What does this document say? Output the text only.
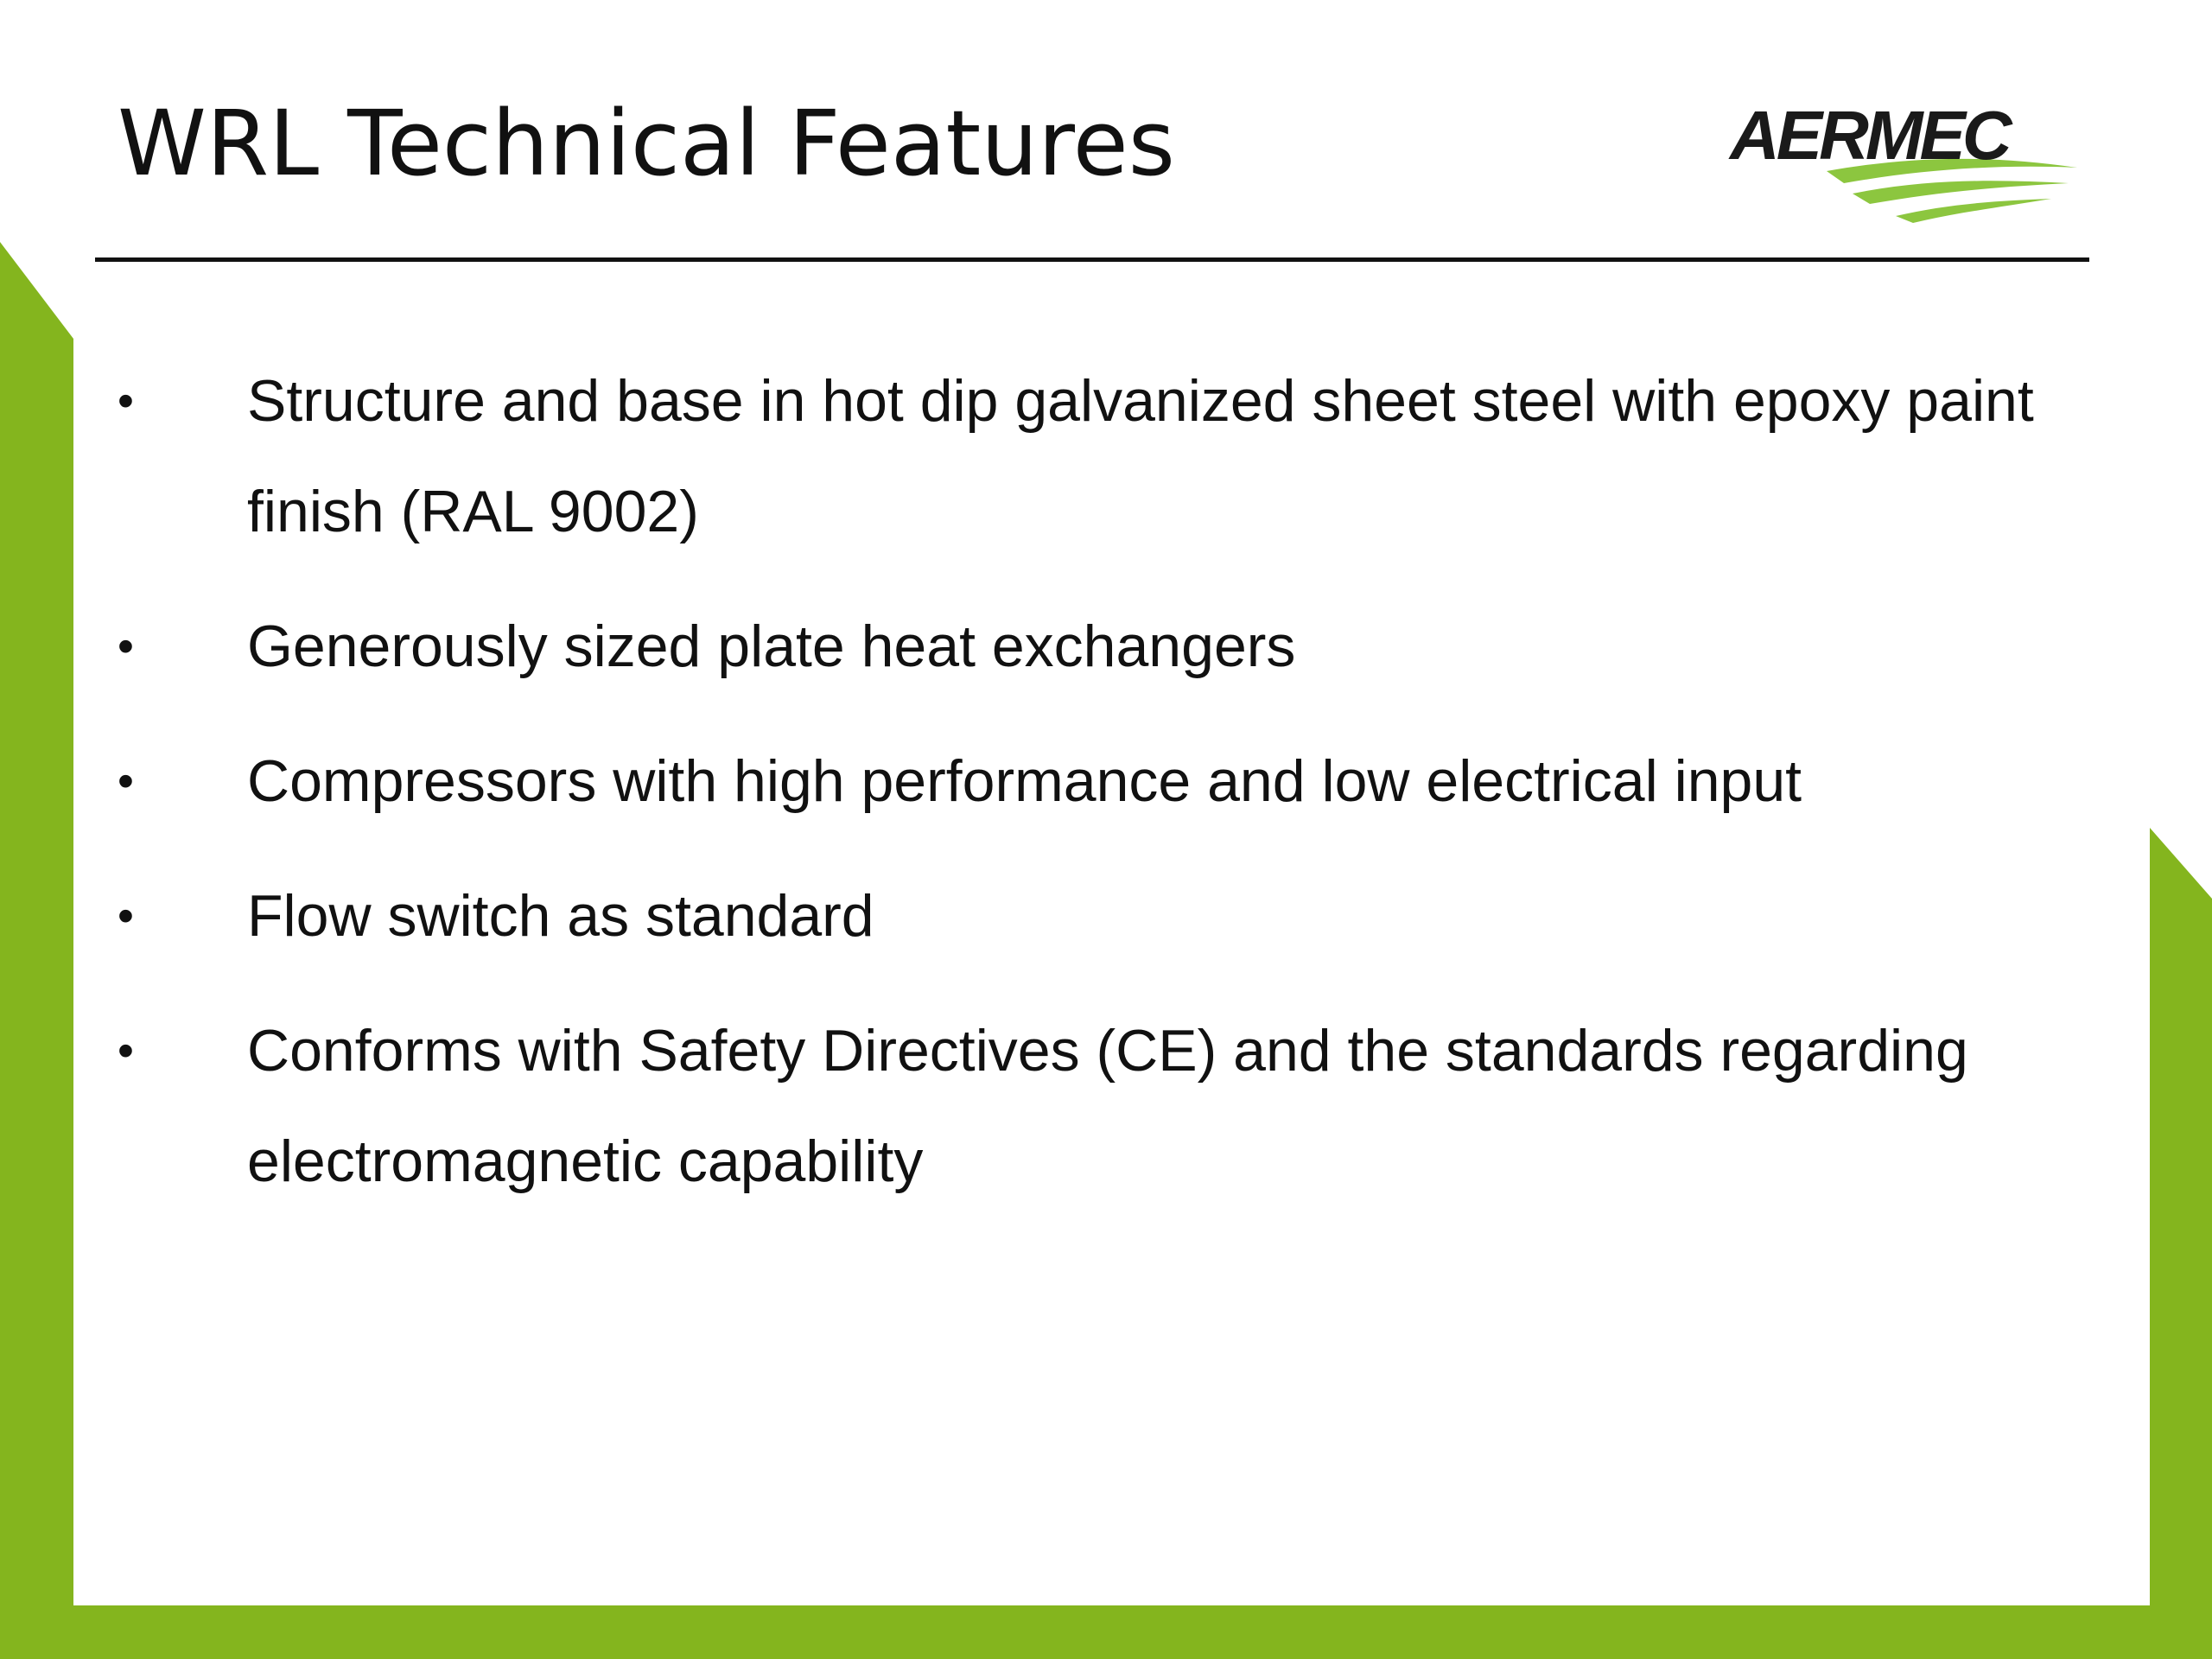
WRL Technical Features	AERMEC
• Structure and base in hot dip galvanized sheet steel with epoxy paint finish (RAL 9002)
• Generously sized plate heat exchangers
• Compressors with high performance and low electrical input
• Flow switch as standard
• Conforms with Safety Directives (CE) and the standards regarding electromagnetic capability
